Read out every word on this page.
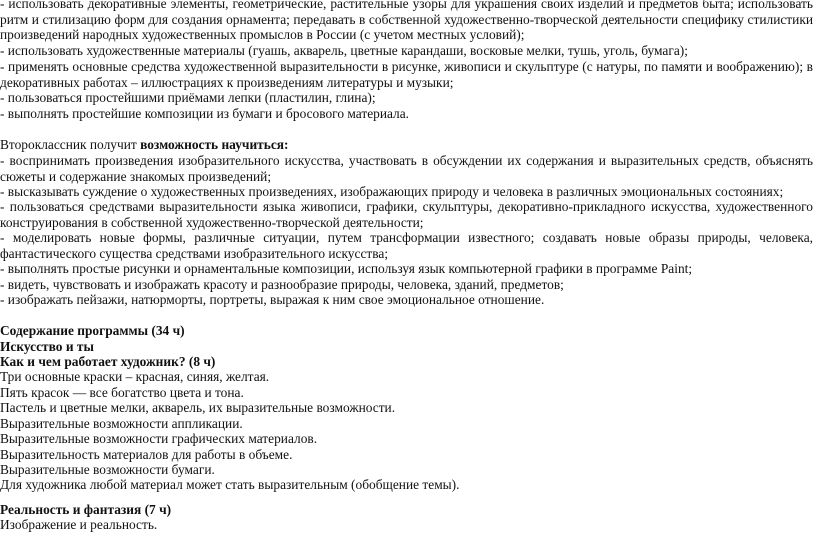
- использовать декоративные элементы, геометрические, растительные узоры для украшения своих изделий и предметов быта; использовать ритм и стилизацию форм для создания орнамента; передавать в собственной художественно-творческой деятельности специфику стилистики произведений народных художественных промыслов в России (с учетом местных условий);

- использовать художественные материалы (гуашь, акварель, цветные карандаши, восковые мелки, тушь, уголь, бумага);

- применять основные средства художественной выразительности в рисунке, живописи и скульптуре (с натуры, по памяти и воображению); в декоративных работах – иллюстрациях к произведениям литературы и музыки;

- пользоваться простейшими приёмами лепки (пластилин, глина);

- выполнять простейшие композиции из бумаги и бросового материала.

Второклассник получит возможность научиться:

- воспринимать произведения изобразительного искусства, участвовать в обсуждении их содержания и выразительных средств, объяснять сюжеты и содержание знакомых произведений;

- высказывать суждение о художественных произведениях, изображающих природу и человека в различных эмоциональных состояниях;

- пользоваться средствами выразительности языка живописи, графики, скульптуры, декоративно-прикладного искусства, художественного конструирования в собственной художественно-творческой деятельности;

- моделировать новые формы, различные ситуации, путем трансформации известного; создавать новые образы природы, человека, фантастического существа средствами изобразительного искусства;

- выполнять простые рисунки и орнаментальные композиции, используя язык компьютерной графики в программе Paint;

- видеть, чувствовать и изображать красоту и разнообразие природы, человека, зданий, предметов;

- изображать пейзажи, натюрморты, портреты, выражая к ним свое эмоциональное отношение.

Содержание программы (34 ч)

Искусство и ты

Как и чем работает художник? (8 ч)

Три основные краски – красная, синяя, желтая.

Пять красок — все богатство цвета и тона.

Пастель и цветные мелки, акварель, их выразительные возможности.

Выразительные возможности аппликации.

Выразительные возможности графических материалов.

Выразительность материалов для работы в объеме.

Выразительные возможности бумаги.

Для художника любой материал может стать выразительным (обобщение темы).

Реальность и фантазия (7 ч)

Изображение и реальность.
